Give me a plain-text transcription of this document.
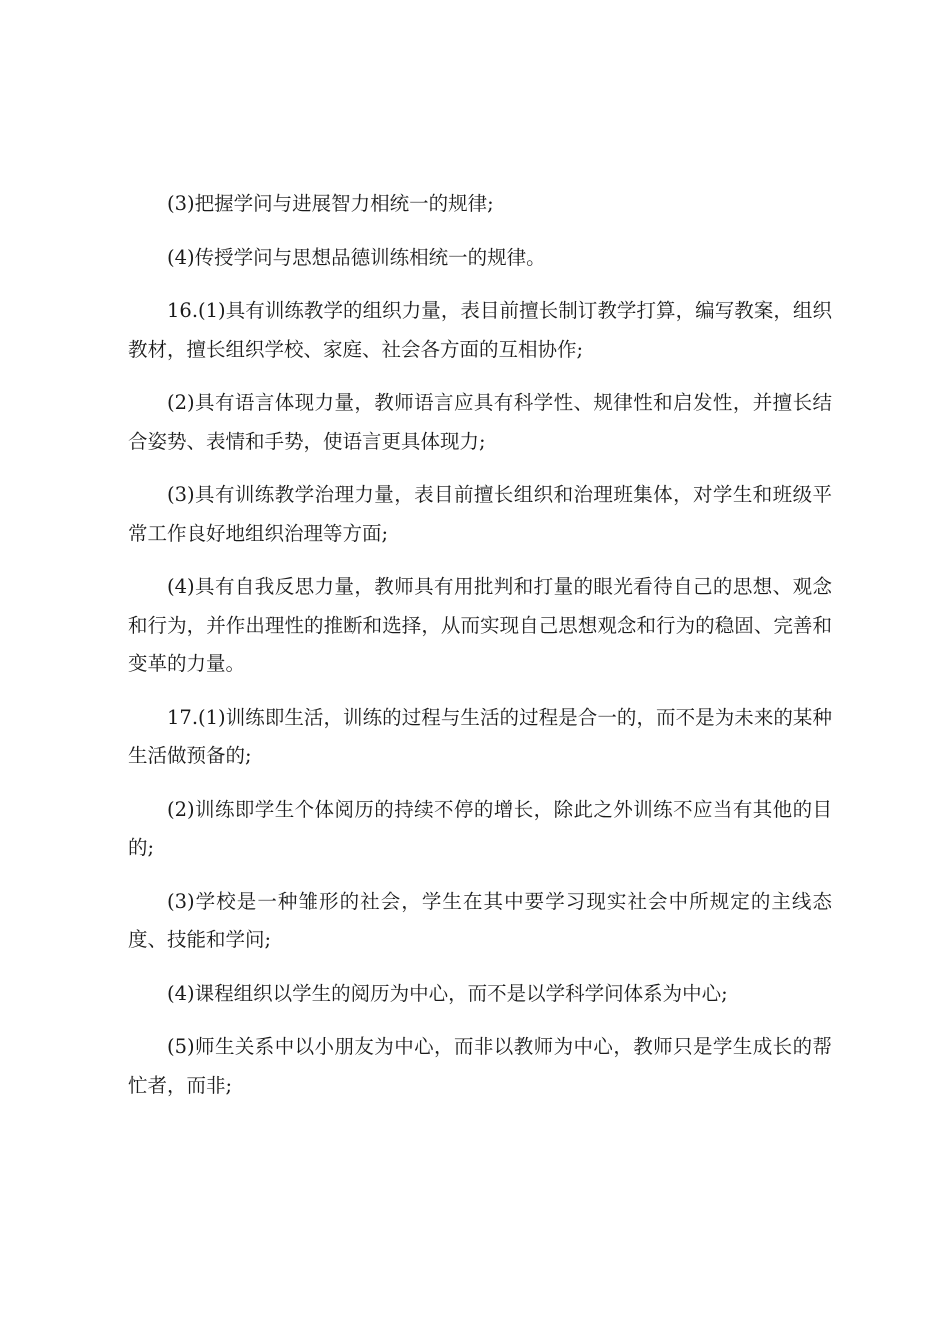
(3)把握学问与进展智力相统一的规律;

(4)传授学问与思想品德训练相统一的规律。

16.(1)具有训练教学的组织力量，表目前擅长制订教学打算，编写教案，组织教材，擅长组织学校、家庭、社会各方面的互相协作;

(2)具有语言体现力量，教师语言应具有科学性、规律性和启发性，并擅长结合姿势、表情和手势，使语言更具体现力;

(3)具有训练教学治理力量，表目前擅长组织和治理班集体，对学生和班级平常工作良好地组织治理等方面;

(4)具有自我反思力量，教师具有用批判和打量的眼光看待自己的思想、观念和行为，并作出理性的推断和选择，从而实现自己思想观念和行为的稳固、完善和变革的力量。

17.(1)训练即生活，训练的过程与生活的过程是合一的，而不是为未来的某种生活做预备的;

(2)训练即学生个体阅历的持续不停的增长，除此之外训练不应当有其他的目的;

(3)学校是一种雏形的社会，学生在其中要学习现实社会中所规定的主线态度、技能和学问;

(4)课程组织以学生的阅历为中心，而不是以学科学问体系为中心;

(5)师生关系中以小朋友为中心，而非以教师为中心，教师只是学生成长的帮忙者，而非;
